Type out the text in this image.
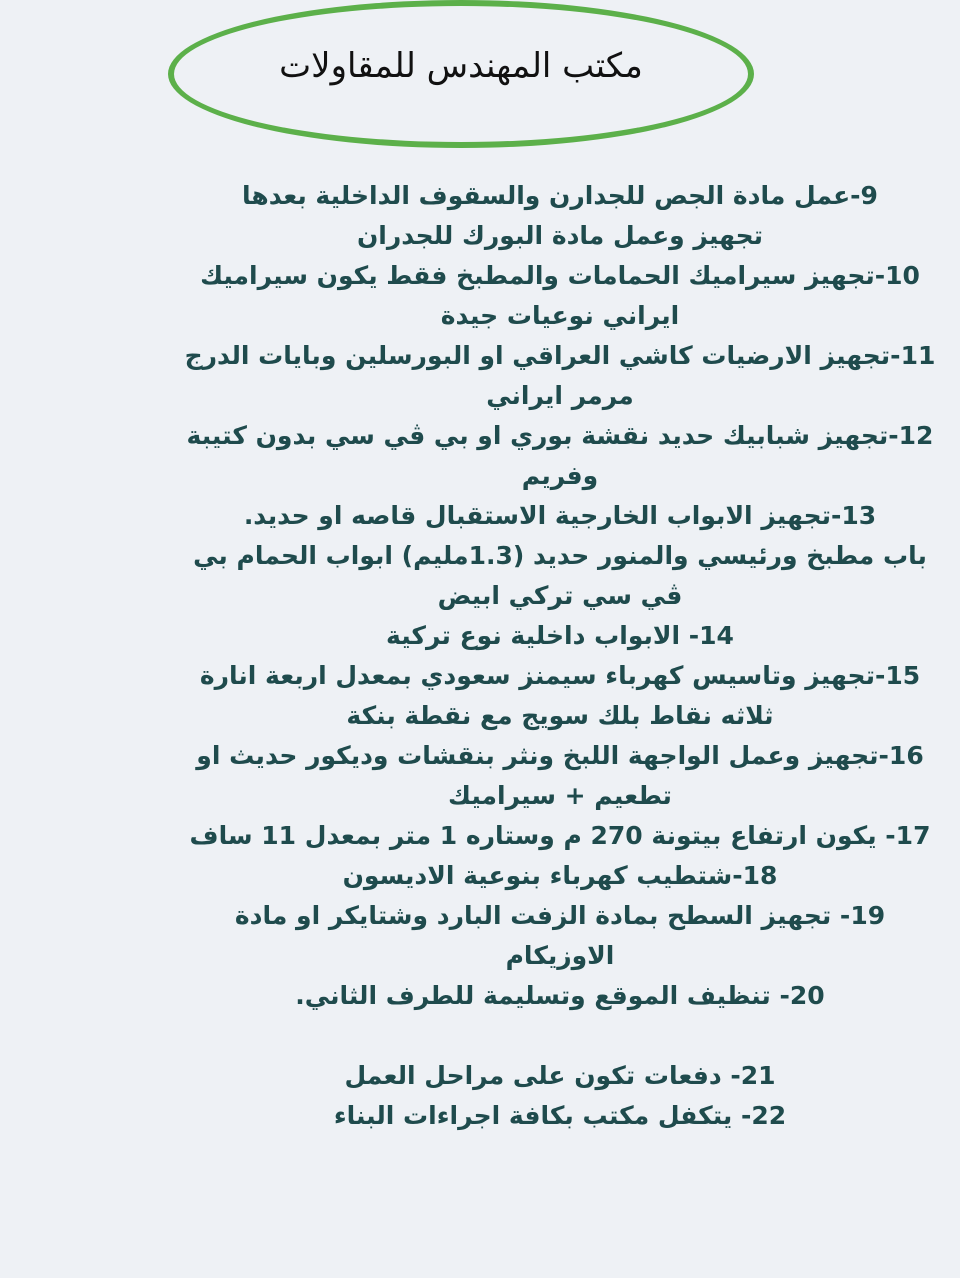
مكتب المهندس للمقاولات
9-عمل مادة الجص للجدارن والسقوف الداخلية بعدها
تجهيز وعمل مادة البورك للجدران
10-تجهيز سيراميك الحمامات والمطبخ فقط يكون سيراميك
ايراني نوعيات جيدة
11-تجهيز الارضيات كاشي العراقي او البورسلين وبايات الدرج
مرمر ايراني
12-تجهيز شبابيك حديد نقشة بوري او بي ڤي سي بدون كتيبة
وفريم
13-تجهيز الابواب الخارجية الاستقبال قاصه او حديد.
باب مطبخ ورئيسي والمنور حديد (1.3مليم) ابواب الحمام بي
ڤي سي تركي ابيض
14- الابواب داخلية نوع تركية
15-تجهيز وتاسيس كهرباء سيمنز سعودي بمعدل اربعة انارة
ثلاثه نقاط بلك سويج مع نقطة بنكة
16-تجهيز وعمل الواجهة اللبخ ونثر بنقشات وديكور حديث او
تطعيم + سيراميك
17- يكون ارتفاع بيتونة 270 م وستاره 1 متر بمعدل 11 ساف
18-شتطيب كهرباء بنوعية الاديسون
19- تجهيز السطح بمادة الزفت البارد وشتايكر او مادة
الاوزيكام
20- تنظيف الموقع وتسليمة للطرف الثاني.
21- دفعات تكون على مراحل العمل
22- يتكفل مكتب بكافة اجراءات البناء
